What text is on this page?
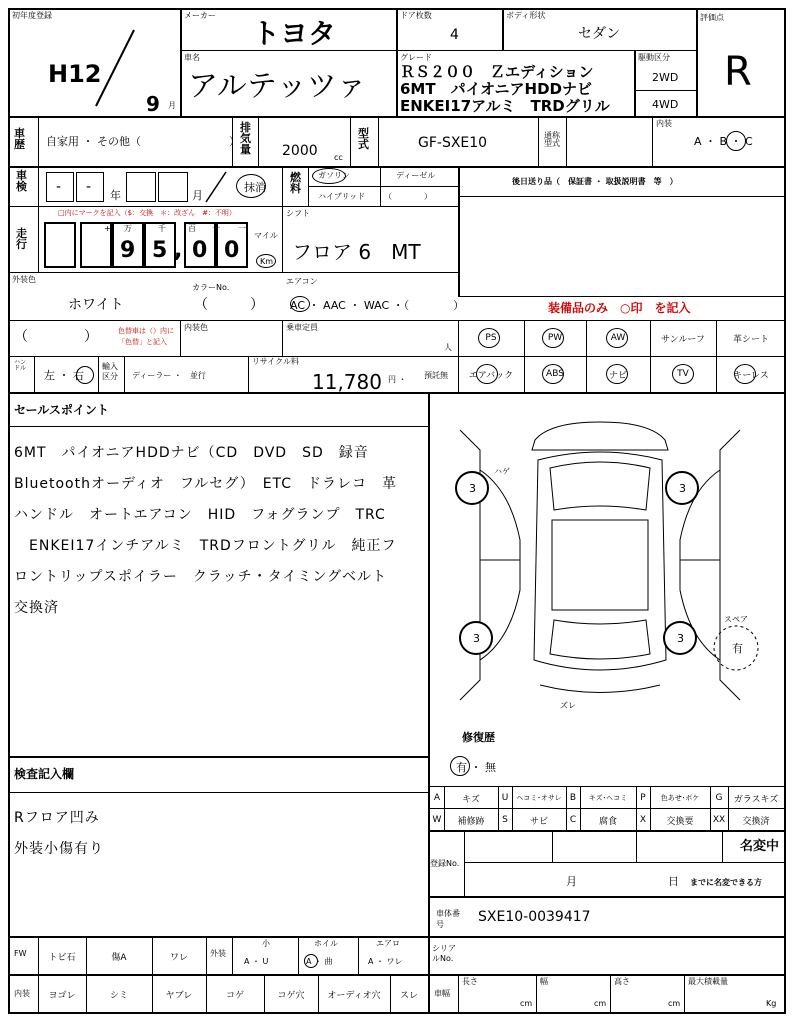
初年度登録
H12
9 月
メーカー
トヨタ
ドア枚数
4
ボディ形状
セダン
評価点
R
車名
アルテッツァ
グレード
ＲＳ２００　Ｚエディション
6MT　パイオニアHDDナビ
ENKEI17アルミ　TRDグリル
駆動区分
2WD
4WD
車歴 自家用 ・ その他（　　　　　　　　）
排気量 2000 cc
型式	GF-SXE10	通称型式
内装
A ・ B ・ C
車検 - -
年	月
抹消
燃料
ガソリン	ディーゼル
ハイブリッド （　　　　）
後日送り品（　保証書 ・ 取扱説明書　等　）
□内にマークを記入（$：交換　＊：改ざん　#：不明）
走行
+ 万	千	百 十 一
9 5 , 0 0
マイル
Km
シフト
フロア 6　MT
外装色
ホワイト
カラーNo.
（　　　）
エアコン
AC ・ AAC ・ WAC ・（　　　　）	装備品のみ　○印　を記入
（　　　　）	色替車は（）内に「色替」と記入
内装色	乗車定員
人
PS	PW	AW	サンルーフ	革シート
エアバック	ABS	ナビ	TV	キーレス
ハンドル
左 ・ 右
輸入区分	ディーラー ・　並行
リサイクル料
11,780 円 ・ 預託無
セールスポイント
6MT　パイオニアHDDナビ（CD　DVD　SD　録音
Bluetoothオーディオ　フルセグ）　ETC　ドラレコ　革
ハンドル　オートエアコン　HID　フォグランプ　TRC
　ENKEI17インチアルミ　TRDフロントグリル　純正フ
ロントリップスポイラー　クラッチ・タイミングベルト
交換済
3	3
3	3
スペア
有
ハゲ
ズレ
修復歴
有 ・ 無
A	キズ	U	ヘコミ･オサレ B	キズ･ヘコミ	P	色あせ･ボケ	G	ガラスキズ
W	補修跡	S	サビ	C	腐食	X	交換要	XX	交換済
検査記入欄
Rフロア凹み
外装小傷有り
登録No.
名変中
月	日 までに名変できる方
車体番号	SXE10-0039417
FW	トビ石	傷A	ワレ	外装
小	ホイル	エアロ
A ・ U	A ・ 曲	A ・ ワレ
シリアルNo.
内装	ヨゴレ	シミ	ヤブレ	コゲ	コゲ穴	オーディオ穴	スレ	車幅
長さ
cm
幅
cm
高さ
cm
最大積載量
Kg
